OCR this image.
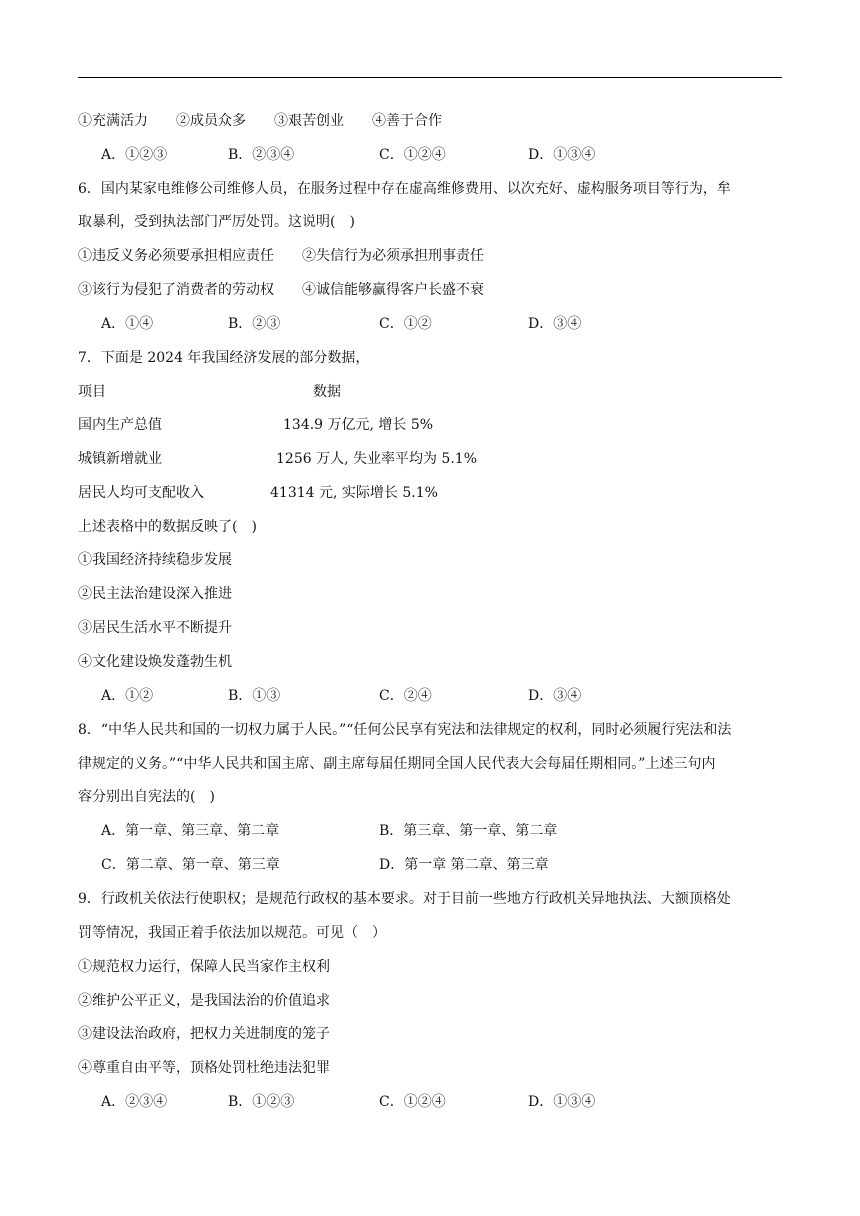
①充满活力　　②成员众多　　③艰苦创业　　④善于合作
A．①②③	B．②③④	C．①②④	D．①③④
6．国内某家电维修公司维修人员，在服务过程中存在虚高维修费用、以次充好、虚构服务项目等行为，牟
取暴利，受到执法部门严厉处罚。这说明(　)
①违反义务必须要承担相应责任　　②失信行为必须承担刑事责任
③该行为侵犯了消费者的劳动权　　④诚信能够赢得客户长盛不衰
A．①④	B．②③	C．①②	D．③④
7．下面是 2024 年我国经济发展的部分数据，
项目	数据
国内生产总值	134.9 万亿元, 增长 5%
城镇新增就业	1256 万人, 失业率平均为 5.1%
居民人均可支配收入	41314 元, 实际增长 5.1%
上述表格中的数据反映了(　)
①我国经济持续稳步发展
②民主法治建设深入推进
③居民生活水平不断提升
④文化建设焕发蓬勃生机
A．①②	B．①③	C．②④	D．③④
8．“中华人民共和国的一切权力属于人民。”“任何公民享有宪法和法律规定的权利，同时必须履行宪法和法
律规定的义务。”“中华人民共和国主席、副主席每届任期同全国人民代表大会每届任期相同。”上述三句内
容分别出自宪法的(　)
A．第一章、第三章、第二章	B．第三章、第一章、第二章
C．第二章、第一章、第三章	D．第一章 第二章、第三章
9．行政机关依法行使职权；是规范行政权的基本要求。对于目前一些地方行政机关异地执法、大额顶格处
罚等情况，我国正着手依法加以规范。可见（　）
①规范权力运行，保障人民当家作主权利
②维护公平正义，是我国法治的价值追求
③建设法治政府，把权力关进制度的笼子
④尊重自由平等，顶格处罚杜绝违法犯罪
A．②③④	B．①②③	C．①②④	D．①③④
